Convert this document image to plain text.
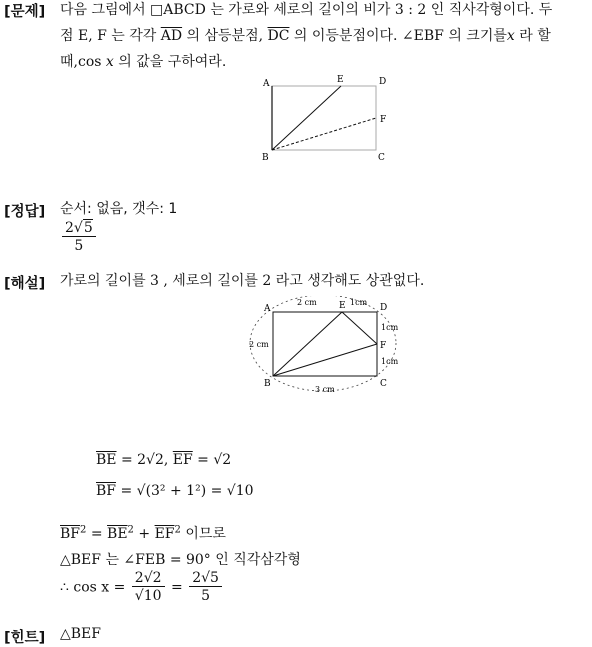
[문제] 다음 그림에서 □ABCD 는 가로와 세로의 길이의 비가 3 : 2 인 직사각형이다. 두
점 E, F 는 각각 $\overline{AD}$ 의 삼등분점, $\overline{DC}$ 의 이등분점이다. ∠EBF 의 크기를x 라 할
때,cos x 의 값을 구하여라.
A	E	D
F
B	C
[정답] 순서: 없음, 갯수: 1
$\frac{2√5}{5}$
[해설] 가로의 길이를 3 , 세로의 길이를 2 라고 생각해도 상관없다.
A	E	D
F
B	C
2 cm	1cm
2 cm
1cm
1cm
3 cm
$\overline{BE} = 2√2$, $\overline{EF} = √2$
$\overline{BF} = √(3^2 + 1^2) = √10$
$\overline{BF}^2 = \overline{BE}^2 + \overline{EF}^2$ 이므로
△BEF 는 ∠FEB = 90° 인 직각삼각형
∴ $\cos x = \frac{2√2}{√10} = \frac{2√5}{5}$
[힌트] △BEF
